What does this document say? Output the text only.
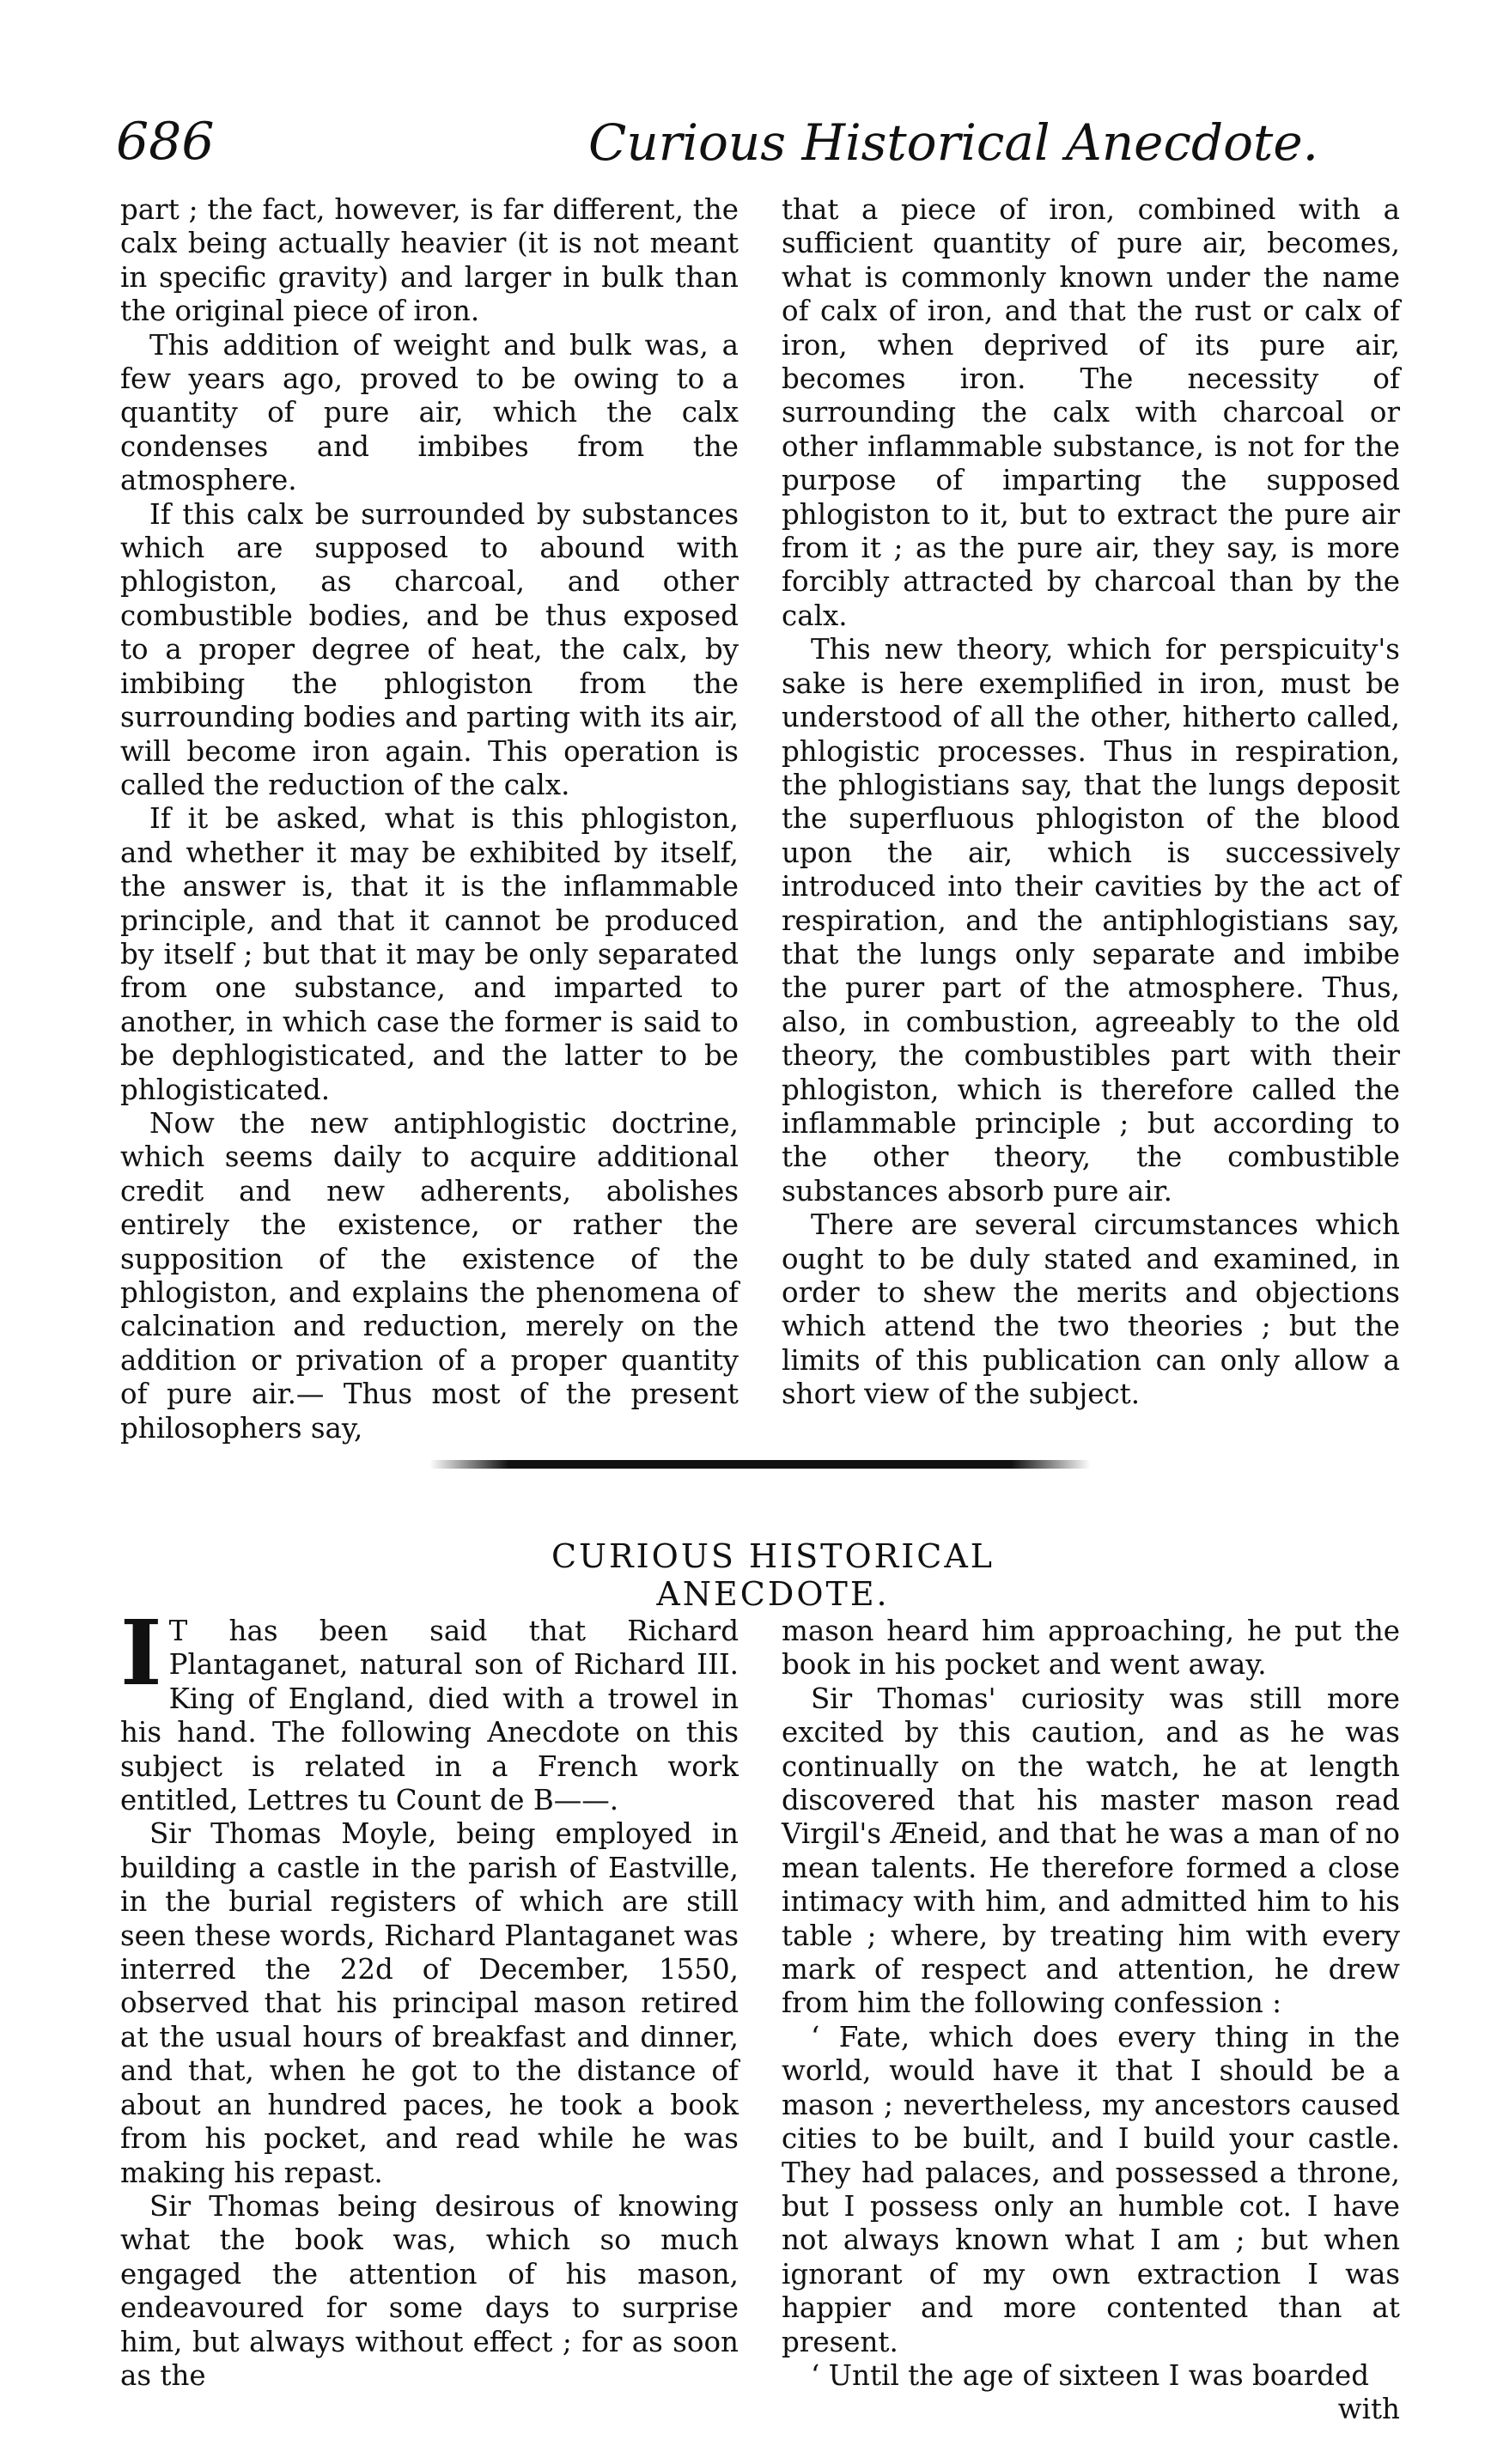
686	Curious Historical Anecdote.

part ; the fact, however, is far different, the calx being actually heavier (it is not meant in specific gravity) and larger in bulk than the original piece of iron.

This addition of weight and bulk was, a few years ago, proved to be owing to a quantity of pure air, which the calx condenses and imbibes from the atmosphere.

If this calx be surrounded by substances which are supposed to abound with phlogiston, as charcoal, and other combustible bodies, and be thus exposed to a proper degree of heat, the calx, by imbibing the phlogiston from the surrounding bodies and parting with its air, will become iron again. This operation is called the reduction of the calx.

If it be asked, what is this phlogiston, and whether it may be exhibited by itself, the answer is, that it is the inflammable principle, and that it cannot be produced by itself ; but that it may be only separated from one substance, and imparted to another, in which case the former is said to be dephlogisticated, and the latter to be phlogisticated.

Now the new antiphlogistic doctrine, which seems daily to acquire additional credit and new adherents, abolishes entirely the existence, or rather the supposition of the existence of the phlogiston, and explains the phenomena of calcination and reduction, merely on the addition or privation of a proper quantity of pure air.— Thus most of the present philosophers say,

that a piece of iron, combined with a sufficient quantity of pure air, becomes, what is commonly known under the name of calx of iron, and that the rust or calx of iron, when deprived of its pure air, becomes iron. The necessity of surrounding the calx with charcoal or other inflammable substance, is not for the purpose of imparting the supposed phlogiston to it, but to extract the pure air from it ; as the pure air, they say, is more forcibly attracted by charcoal than by the calx.

This new theory, which for perspicuity's sake is here exemplified in iron, must be understood of all the other, hitherto called, phlogistic processes. Thus in respiration, the phlogistians say, that the lungs deposit the superfluous phlogiston of the blood upon the air, which is successively introduced into their cavities by the act of respiration, and the antiphlogistians say, that the lungs only separate and imbibe the purer part of the atmosphere. Thus, also, in combustion, agreeably to the old theory, the combustibles part with their phlogiston, which is therefore called the inflammable principle ; but according to the other theory, the combustible substances absorb pure air.

There are several circumstances which ought to be duly stated and examined, in order to shew the merits and objections which attend the two theories ; but the limits of this publication can only allow a short view of the subject.

CURIOUS HISTORICAL ANECDOTE.

I T has been said that Richard Plantaganet, natural son of Richard III. King of England, died with a trowel in his hand. The following Anecdote on this subject is related in a French work entitled, Lettres tu Count de B——.

Sir Thomas Moyle, being employed in building a castle in the parish of Eastville, in the burial registers of which are still seen these words, Richard Plantaganet was interred the 22d of December, 1550, observed that his principal mason retired at the usual hours of breakfast and dinner, and that, when he got to the distance of about an hundred paces, he took a book from his pocket, and read while he was making his repast.

Sir Thomas being desirous of knowing what the book was, which so much engaged the attention of his mason, endeavoured for some days to surprise him, but always without effect ; for as soon as the

mason heard him approaching, he put the book in his pocket and went away.

Sir Thomas' curiosity was still more excited by this caution, and as he was continually on the watch, he at length discovered that his master mason read Virgil's Æneid, and that he was a man of no mean talents. He therefore formed a close intimacy with him, and admitted him to his table ; where, by treating him with every mark of respect and attention, he drew from him the following confession :

‘ Fate, which does every thing in the world, would have it that I should be a mason ; nevertheless, my ancestors caused cities to be built, and I build your castle. They had palaces, and possessed a throne, but I possess only an humble cot. I have not always known what I am ; but when ignorant of my own extraction I was happier and more contented than at present.

‘ Until the age of sixteen I was boarded

with
